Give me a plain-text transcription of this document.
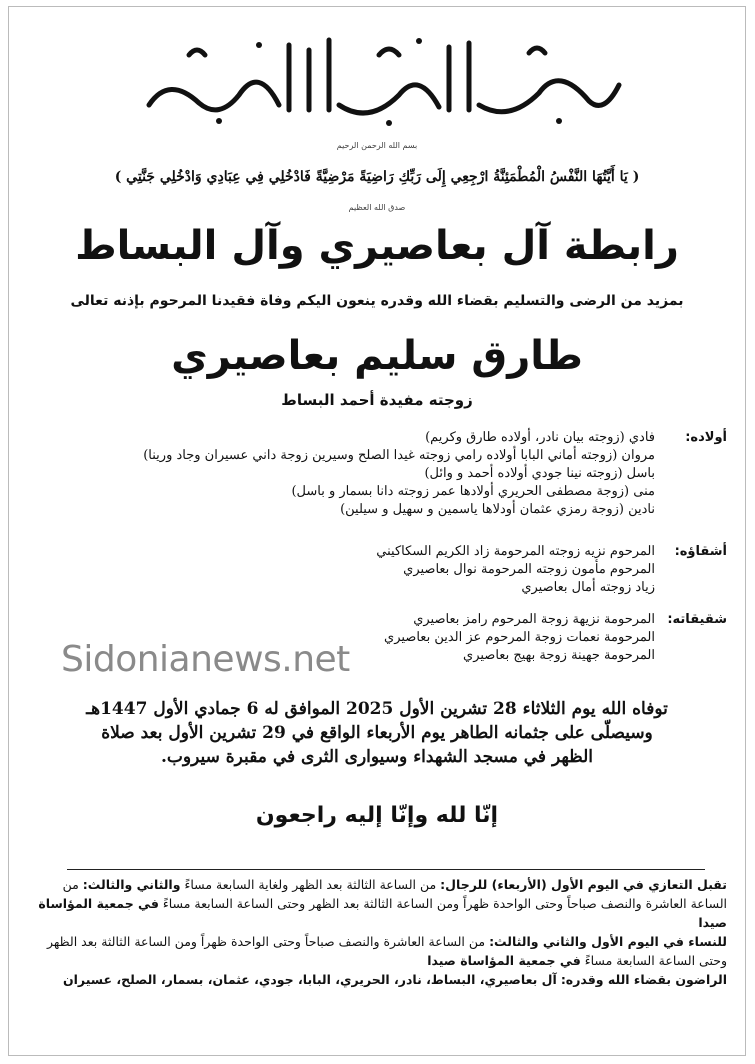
بسم الله الرحمن الرحيم
( يَا أَيَّتُهَا النَّفْسُ الْمُطْمَئِنَّةُ ارْجِعِي إِلَى رَبِّكِ رَاضِيَةً مَرْضِيَّةً فَادْخُلِي فِي عِبَادِي وَادْخُلِي جَنَّتِي )
صدق الله العظيم
رابطة آل بعاصيري وآل البساط
بمزيد من الرضى والتسليم بقضاء الله وقدره ينعون اليكم وفاة فقيدنا المرحوم بإذنه تعالى
طارق سليم بعاصيري
زوجته مفيدة أحمد البساط
أولاده:
فادي (زوجته بيان نادر، أولاده طارق وكريم)
مروان (زوجته أماني البابا أولاده رامي زوجته غيدا الصلح وسيرين زوجة داني عسيران وجاد ورينا)
باسل (زوجته نينا جودي أولاده أحمد و وائل)
منى (زوجة مصطفى الحريري أولادها عمر زوجته دانا بسمار و باسل)
نادين (زوجة رمزي عثمان أودلاها ياسمين و سهيل و سيلين)
أشقاؤه:
المرحوم نزيه زوجته المرحومة زاد الكريم السكاكيني
المرحوم مأمون زوجته المرحومة نوال بعاصيري
زياد زوجته أمال بعاصيري
شقيقاته:
المرحومة نزيهة زوجة المرحوم رامز بعاصيري
المرحومة نعمات زوجة المرحوم عز الدين بعاصيري
المرحومة جهينة زوجة بهيج بعاصيري
Sidonianews.net
توفاه الله يوم الثلاثاء 28 تشرين الأول 2025 الموافق له 6 جمادي الأول 1447هـ
وسيصلّى على جثمانه الطاهر يوم الأربعاء الواقع في 29 تشرين الأول بعد صلاة
الظهر في مسجد الشهداء وسيوارى الثرى في مقبرة سيروب.
إنّا لله وإنّا إليه راجعون
تقبل التعازي في اليوم الأول (الأربعاء) للرجال: من الساعة الثالثة بعد الظهر ولغاية السابعة مساءً والثاني والثالث: من الساعة العاشرة والنصف صباحاً وحتى الواحدة ظهراً ومن الساعة الثالثة بعد الظهر وحتى الساعة السابعة مساءً في جمعية المؤاساة صيدا
للنساء في اليوم الأول والثاني والثالث: من الساعة العاشرة والنصف صباحاً وحتى الواحدة ظهراً ومن الساعة الثالثة بعد الظهر وحتى الساعة السابعة مساءً في جمعية المؤاساة صيدا
الراضون بقضاء الله وقدره: آل بعاصيري، البساط، نادر، الحريري، البابا، جودي، عثمان، بسمار، الصلح، عسيران
